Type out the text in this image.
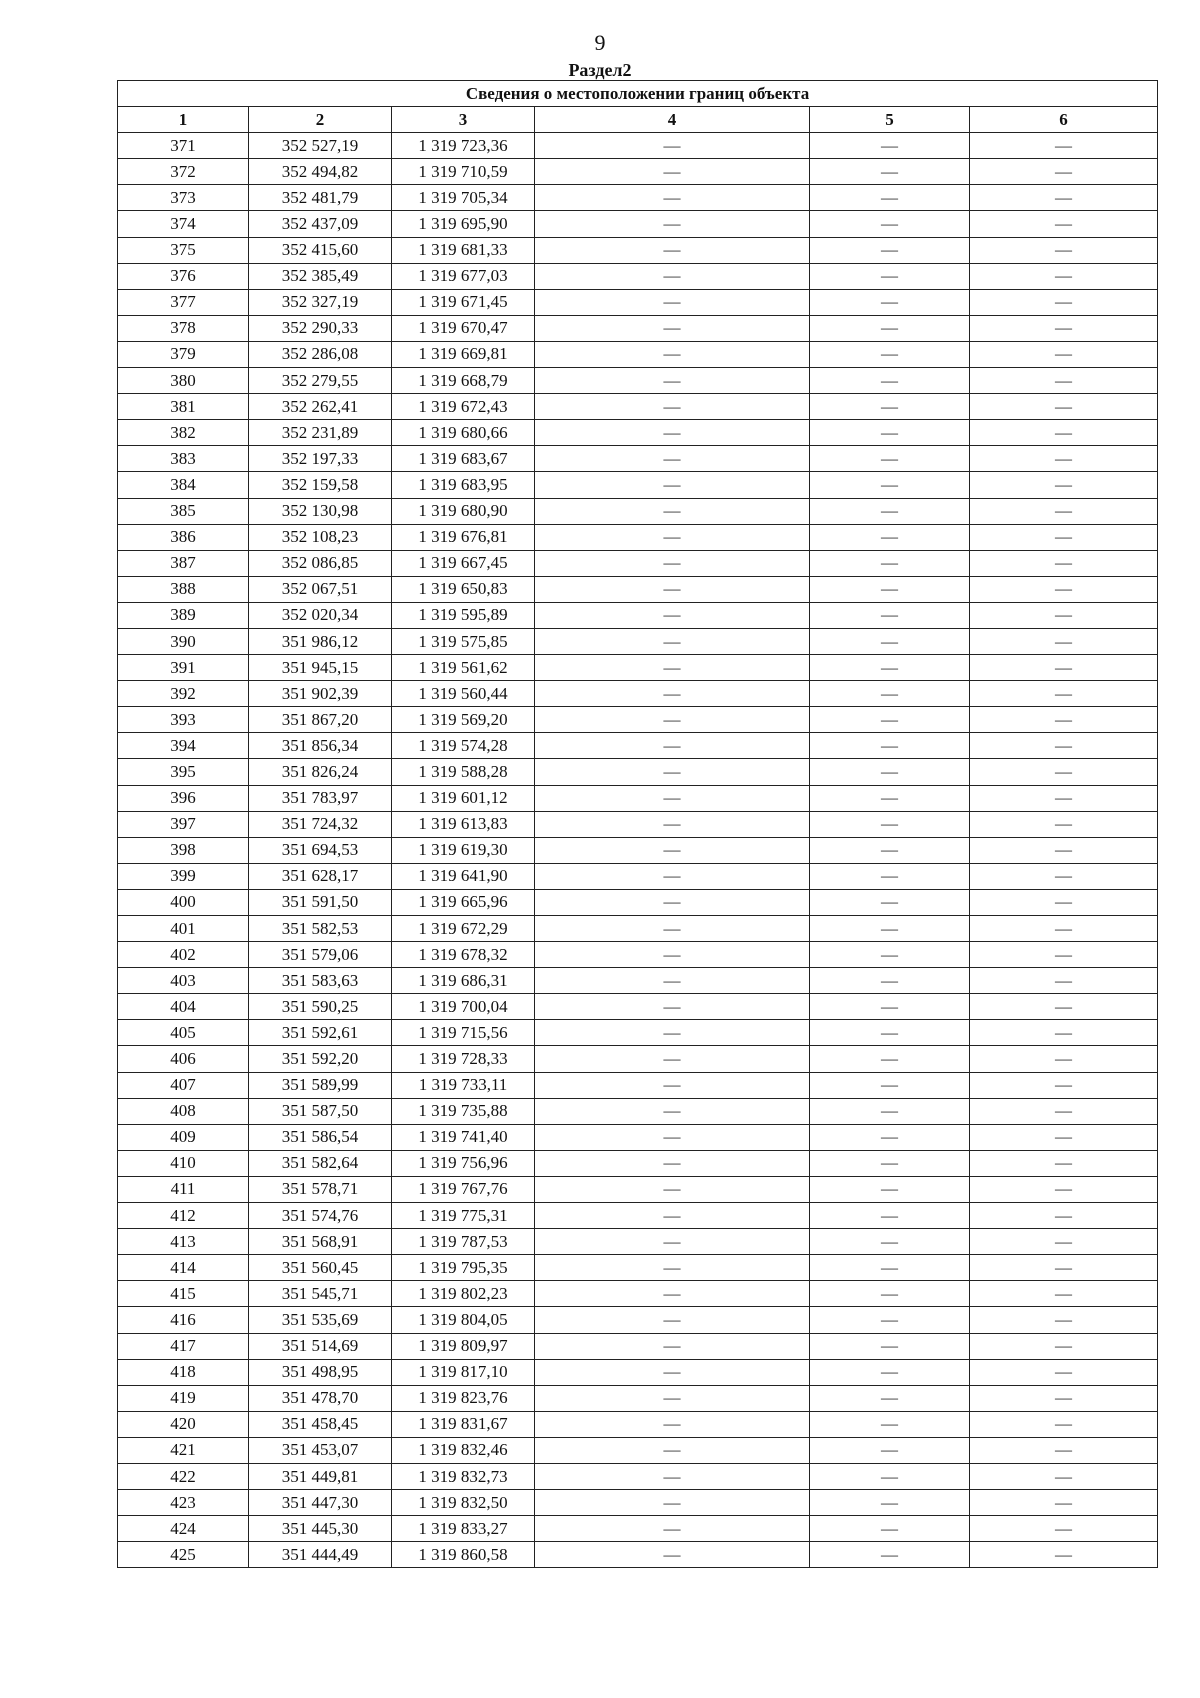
9
Раздел2
Сведения о местоположении границ объекта					
1	2	3	4	5	6
371	352 527,19	1 319 723,36	—	—	—
372	352 494,82	1 319 710,59	—	—	—
373	352 481,79	1 319 705,34	—	—	—
374	352 437,09	1 319 695,90	—	—	—
375	352 415,60	1 319 681,33	—	—	—
376	352 385,49	1 319 677,03	—	—	—
377	352 327,19	1 319 671,45	—	—	—
378	352 290,33	1 319 670,47	—	—	—
379	352 286,08	1 319 669,81	—	—	—
380	352 279,55	1 319 668,79	—	—	—
381	352 262,41	1 319 672,43	—	—	—
382	352 231,89	1 319 680,66	—	—	—
383	352 197,33	1 319 683,67	—	—	—
384	352 159,58	1 319 683,95	—	—	—
385	352 130,98	1 319 680,90	—	—	—
386	352 108,23	1 319 676,81	—	—	—
387	352 086,85	1 319 667,45	—	—	—
388	352 067,51	1 319 650,83	—	—	—
389	352 020,34	1 319 595,89	—	—	—
390	351 986,12	1 319 575,85	—	—	—
391	351 945,15	1 319 561,62	—	—	—
392	351 902,39	1 319 560,44	—	—	—
393	351 867,20	1 319 569,20	—	—	—
394	351 856,34	1 319 574,28	—	—	—
395	351 826,24	1 319 588,28	—	—	—
396	351 783,97	1 319 601,12	—	—	—
397	351 724,32	1 319 613,83	—	—	—
398	351 694,53	1 319 619,30	—	—	—
399	351 628,17	1 319 641,90	—	—	—
400	351 591,50	1 319 665,96	—	—	—
401	351 582,53	1 319 672,29	—	—	—
402	351 579,06	1 319 678,32	—	—	—
403	351 583,63	1 319 686,31	—	—	—
404	351 590,25	1 319 700,04	—	—	—
405	351 592,61	1 319 715,56	—	—	—
406	351 592,20	1 319 728,33	—	—	—
407	351 589,99	1 319 733,11	—	—	—
408	351 587,50	1 319 735,88	—	—	—
409	351 586,54	1 319 741,40	—	—	—
410	351 582,64	1 319 756,96	—	—	—
411	351 578,71	1 319 767,76	—	—	—
412	351 574,76	1 319 775,31	—	—	—
413	351 568,91	1 319 787,53	—	—	—
414	351 560,45	1 319 795,35	—	—	—
415	351 545,71	1 319 802,23	—	—	—
416	351 535,69	1 319 804,05	—	—	—
417	351 514,69	1 319 809,97	—	—	—
418	351 498,95	1 319 817,10	—	—	—
419	351 478,70	1 319 823,76	—	—	—
420	351 458,45	1 319 831,67	—	—	—
421	351 453,07	1 319 832,46	—	—	—
422	351 449,81	1 319 832,73	—	—	—
423	351 447,30	1 319 832,50	—	—	—
424	351 445,30	1 319 833,27	—	—	—
425	351 444,49	1 319 860,58	—	—	—
